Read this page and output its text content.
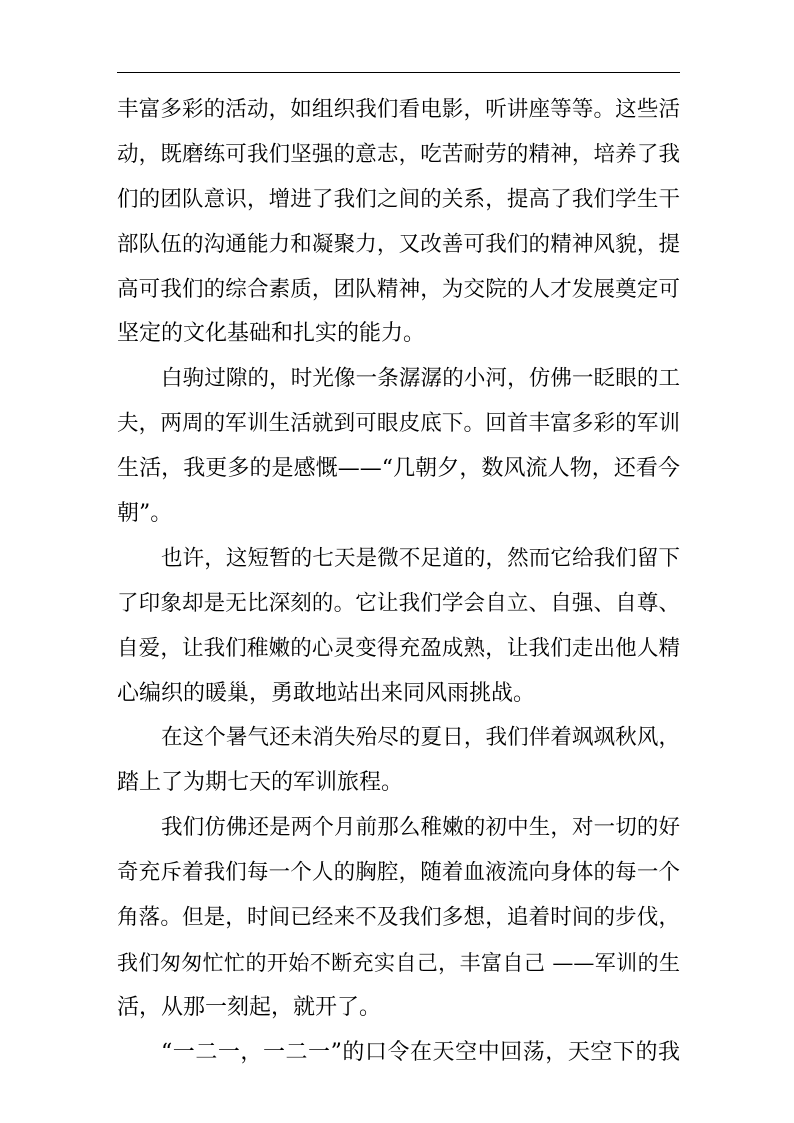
丰富多彩的活动，如组织我们看电影，听讲座等等。这些活
动，既磨练可我们坚强的意志，吃苦耐劳的精神，培养了我
们的团队意识，增进了我们之间的关系，提高了我们学生干
部队伍的沟通能力和凝聚力，又改善可我们的精神风貌，提
高可我们的综合素质，团队精神，为交院的人才发展奠定可
坚定的文化基础和扎实的能力。
白驹过隙的，时光像一条潺潺的小河，仿佛一眨眼的工
夫，两周的军训生活就到可眼皮底下。回首丰富多彩的军训
生活，我更多的是感慨——“几朝夕，数风流人物，还看今
朝”。
也许，这短暂的七天是微不足道的，然而它给我们留下
了印象却是无比深刻的。它让我们学会自立、自强、自尊、
自爱，让我们稚嫩的心灵变得充盈成熟，让我们走出他人精
心编织的暖巢，勇敢地站出来同风雨挑战。
在这个暑气还未消失殆尽的夏日，我们伴着飒飒秋风，
踏上了为期七天的军训旅程。
我们仿佛还是两个月前那么稚嫩的初中生，对一切的好
奇充斥着我们每一个人的胸腔，随着血液流向身体的每一个
角落。但是，时间已经来不及我们多想，追着时间的步伐，
我们匆匆忙忙的开始不断充实自己，丰富自己 ——军训的生
活，从那一刻起，就开了。
“一二一，一二一”的口令在天空中回荡，天空下的我
